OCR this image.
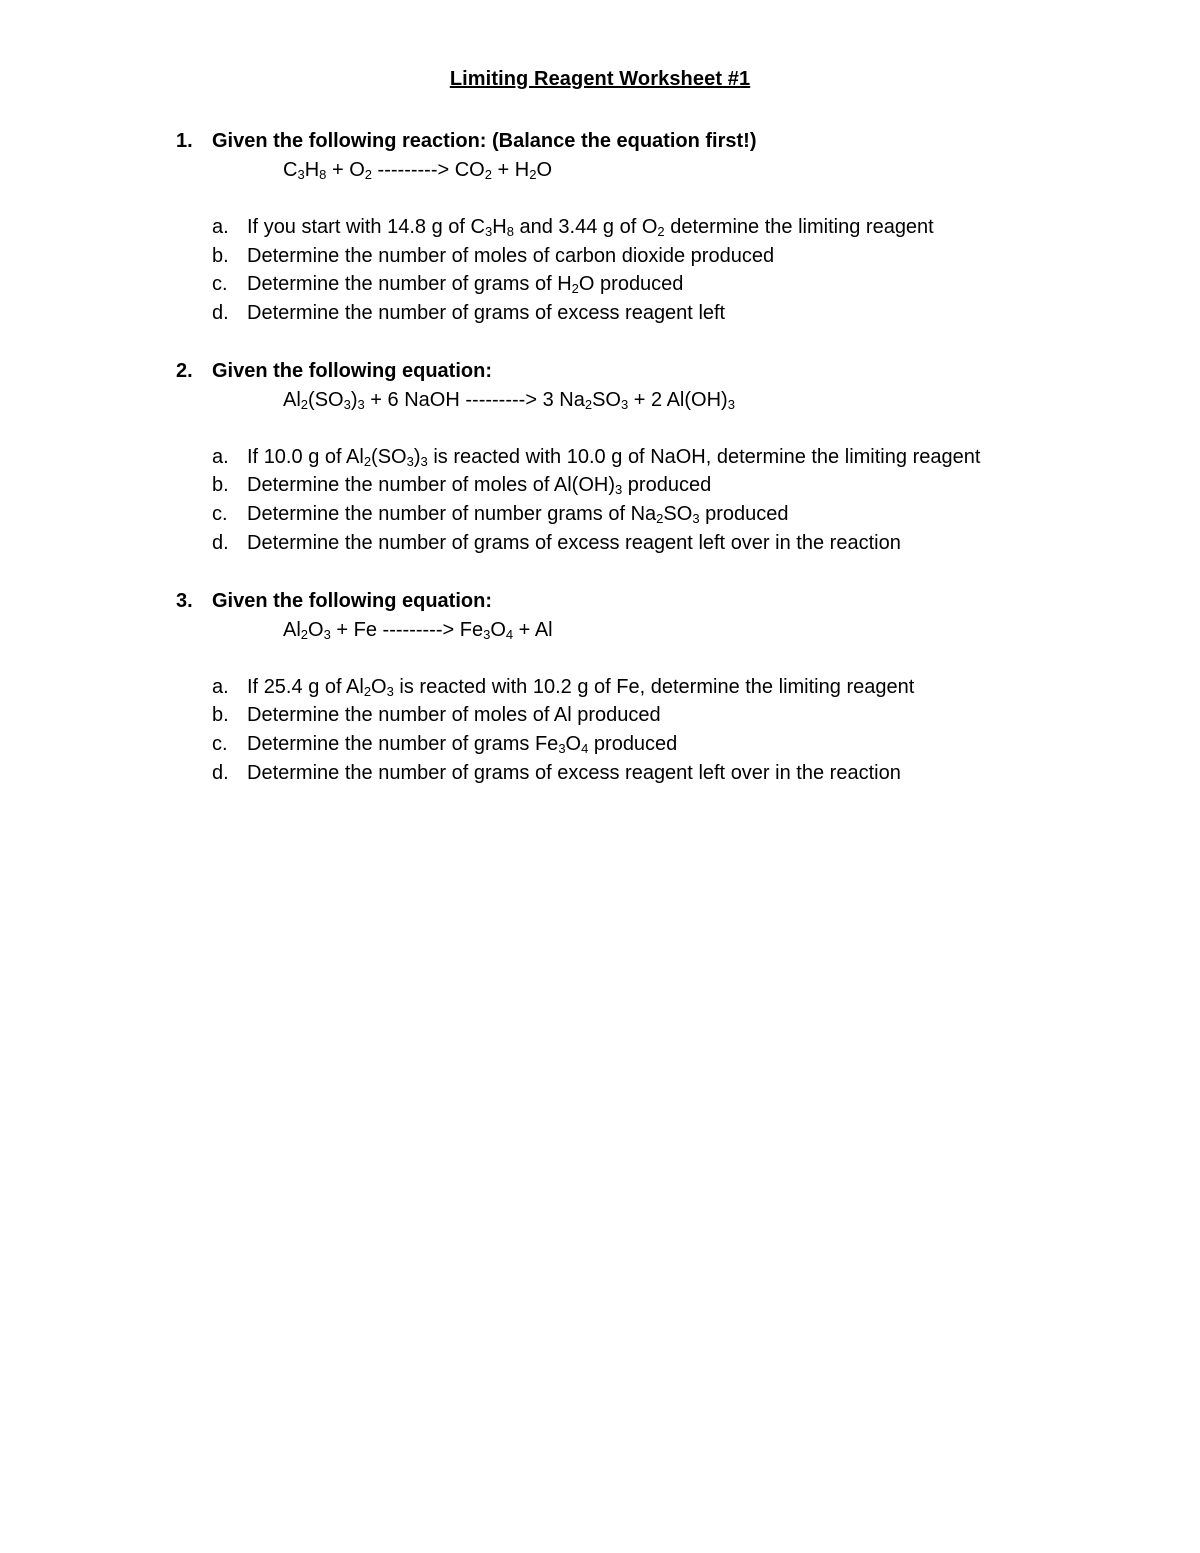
Limiting Reagent Worksheet #1
1. Given the following reaction: (Balance the equation first!)
$C_3H_8 + O_2$ ---------> $CO_2 + H_2O$
a. If you start with 14.8 g of $C_3H_8$ and 3.44 g of $O_2$ determine the limiting reagent
b. Determine the number of moles of carbon dioxide produced
c. Determine the number of grams of $H_2O$ produced
d. Determine the number of grams of excess reagent left
2. Given the following equation:
$Al_2(SO_3)_3 + 6$ NaOH ---------> 3 $Na_2SO_3 + 2$ $Al(OH)_3$
a. If 10.0 g of $Al_2(SO_3)_3$ is reacted with 10.0 g of NaOH, determine the limiting reagent
b. Determine the number of moles of $Al(OH)_3$ produced
c. Determine the number of number grams of $Na_2SO_3$ produced
d. Determine the number of grams of excess reagent left over in the reaction
3. Given the following equation:
$Al_2O_3 + Fe$ ---------> $Fe_3O_4 + Al$
a. If 25.4 g of $Al_2O_3$ is reacted with 10.2 g of Fe, determine the limiting reagent
b. Determine the number of moles of Al produced
c. Determine the number of grams $Fe_3O_4$ produced
d. Determine the number of grams of excess reagent left over in the reaction
